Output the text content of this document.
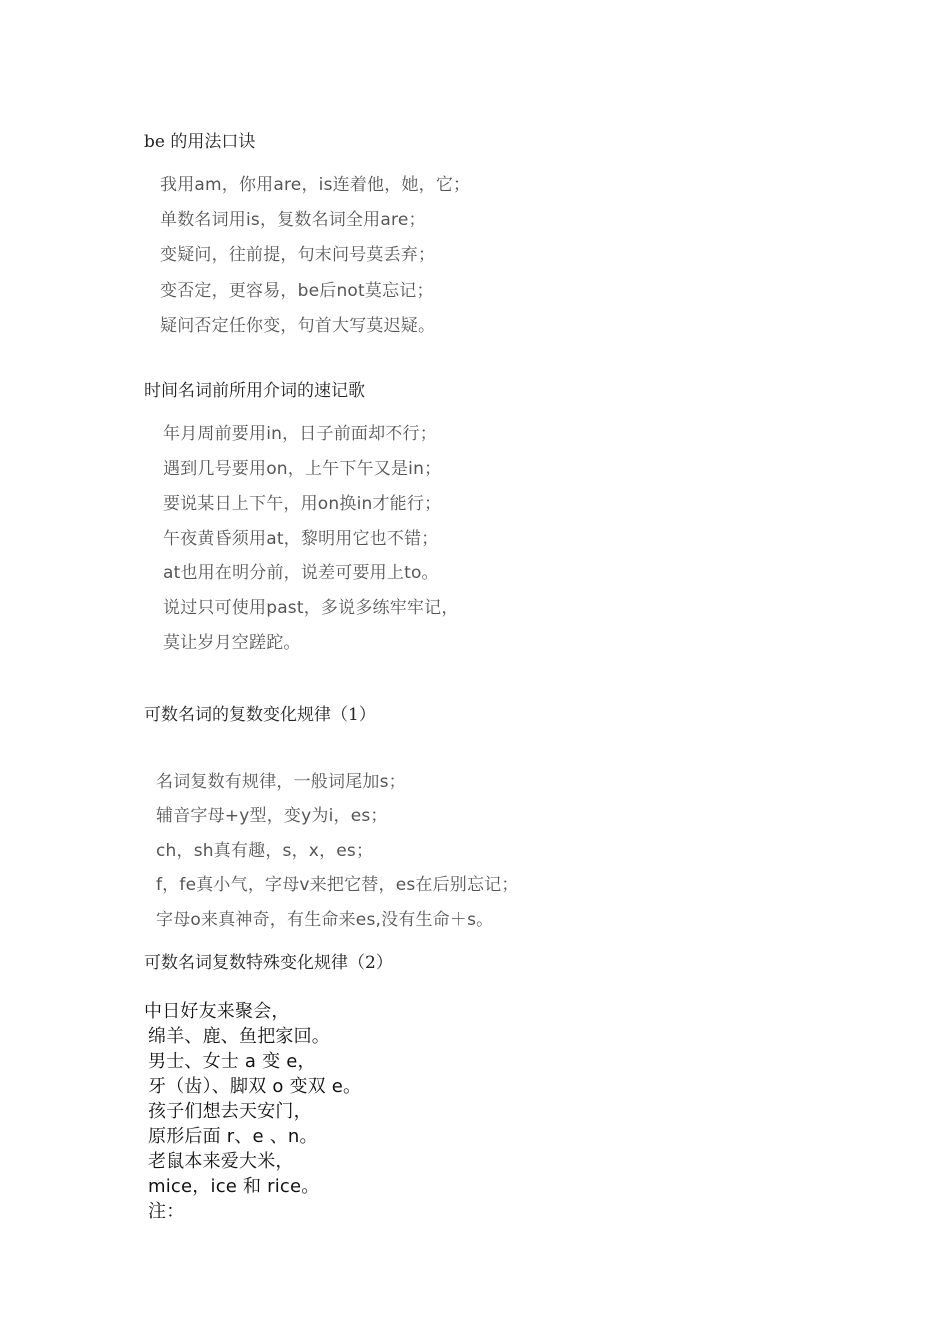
be 的用法口诀
我用am，你用are，is连着他，她，它；
单数名词用is，复数名词全用are；
变疑问，往前提，句末问号莫丢弃；
变否定，更容易，be后not莫忘记；
疑问否定任你变，句首大写莫迟疑。
时间名词前所用介词的速记歌
年月周前要用in，日子前面却不行；
遇到几号要用on，上午下午又是in；
要说某日上下午，用on换in才能行；
午夜黄昏须用at，黎明用它也不错；
at也用在明分前，说差可要用上to。
说过只可使用past，多说多练牢牢记，
莫让岁月空蹉跎。
可数名词的复数变化规律（1）
名词复数有规律，一般词尾加s；
辅音字母+y型，变y为i，es；
ch，sh真有趣，s，x，es；
f，fe真小气，字母v来把它替，es在后别忘记；
字母o来真神奇，有生命来es,没有生命＋s。
可数名词复数特殊变化规律（2）
中日好友来聚会，
绵羊、鹿、鱼把家回。
男士、女士 a 变 e，
牙（齿）、脚双 o 变双 e。
孩子们想去天安门，
原形后面 r、e 、n。
老鼠本来爱大米，
mice，ice 和 rice。
注：
